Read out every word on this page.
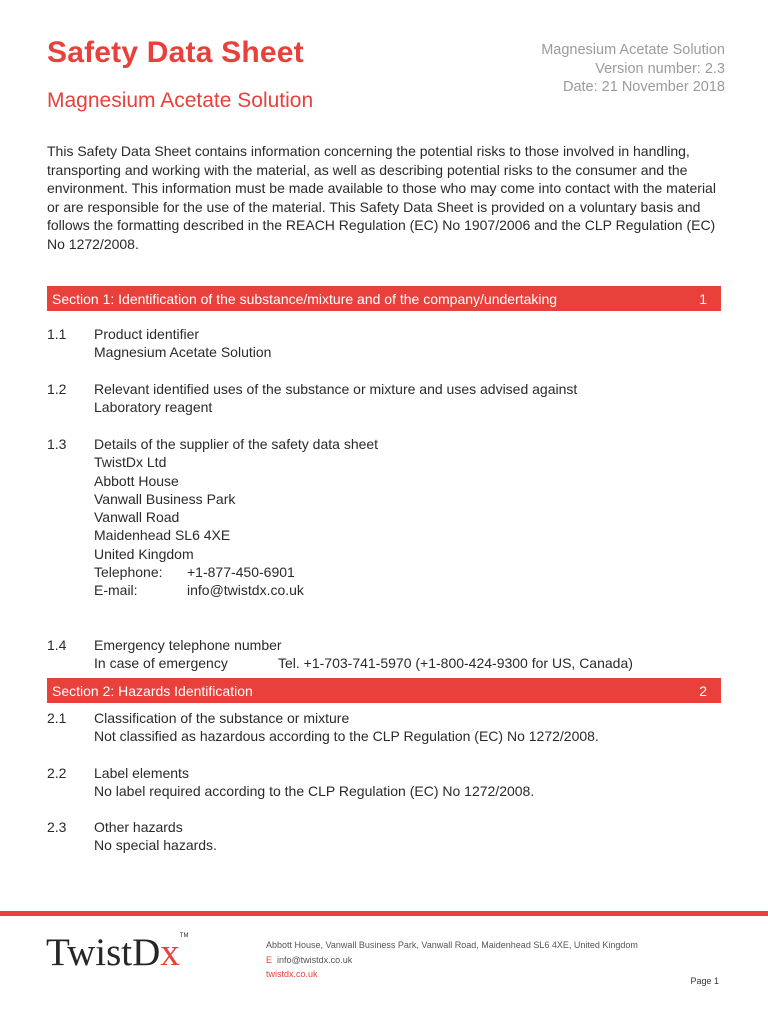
Safety Data Sheet
Magnesium Acetate Solution
Magnesium Acetate Solution
Version number: 2.3
Date: 21 November 2018

This Safety Data Sheet contains information concerning the potential risks to those involved in handling, transporting and working with the material, as well as describing potential risks to the consumer and the environment. This information must be made available to those who may come into contact with the material or are responsible for the use of the material. This Safety Data Sheet is provided on a voluntary basis and follows the formatting described in the REACH Regulation (EC) No 1907/2006 and the CLP Regulation (EC) No 1272/2008.

Section 1: Identification of the substance/mixture and of the company/undertaking	1
1.1	Product identifier
Magnesium Acetate Solution
1.2	Relevant identified uses of the substance or mixture and uses advised against
Laboratory reagent
1.3	Details of the supplier of the safety data sheet
TwistDx Ltd
Abbott House
Vanwall Business Park
Vanwall Road
Maidenhead SL6 4XE
United Kingdom
Telephone:	+1-877-450-6901
E-mail:	info@twistdx.co.uk
1.4	Emergency telephone number
In case of emergency	Tel. +1-703-741-5970 (+1-800-424-9300 for US, Canada)
Section 2: Hazards Identification	2
2.1	Classification of the substance or mixture
Not classified as hazardous according to the CLP Regulation (EC) No 1272/2008.
2.2	Label elements
No label required according to the CLP Regulation (EC) No 1272/2008.
2.3	Other hazards
No special hazards.
TwistDx™
Abbott House, Vanwall Business Park, Vanwall Road, Maidenhead SL6 4XE, United Kingdom
E info@twistdx.co.uk
twistdx.co.uk
Page 1
